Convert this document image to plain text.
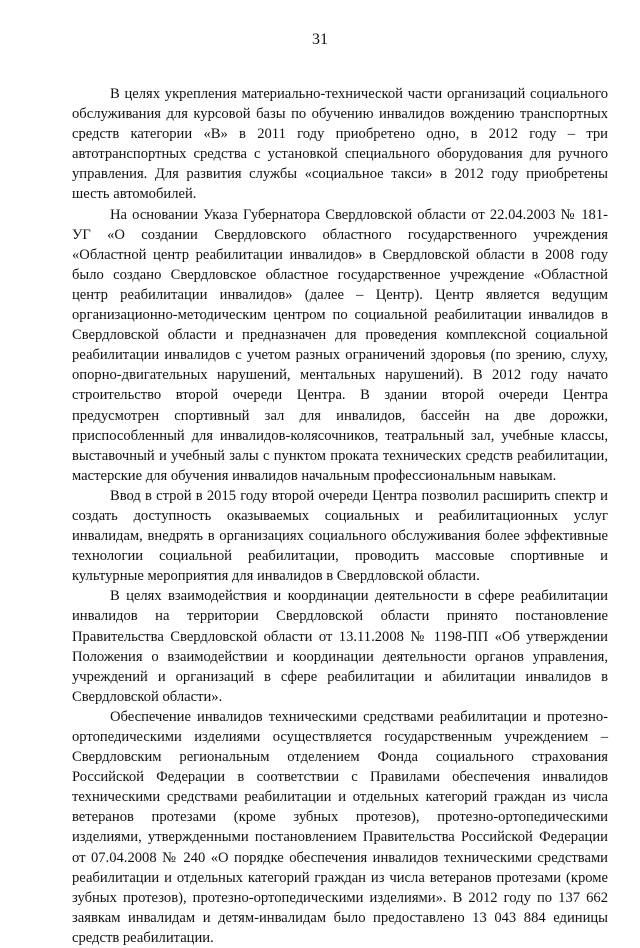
31

В целях укрепления материально-технической части организаций социального обслуживания для курсовой базы по обучению инвалидов вождению транспортных средств категории «В» в 2011 году приобретено одно, в 2012 году – три автотранспортных средства с установкой специального оборудования для ручного управления. Для развития службы «социальное такси» в 2012 году приобретены шесть автомобилей.

На основании Указа Губернатора Свердловской области от 22.04.2003 № 181-УГ «О создании Свердловского областного государственного учреждения «Областной центр реабилитации инвалидов» в Свердловской области в 2008 году было создано Свердловское областное государственное учреждение «Областной центр реабилитации инвалидов» (далее – Центр). Центр является ведущим организационно-методическим центром по социальной реабилитации инвалидов в Свердловской области и предназначен для проведения комплексной социальной реабилитации инвалидов с учетом разных ограничений здоровья (по зрению, слуху, опорно-двигательных нарушений, ментальных нарушений). В 2012 году начато строительство второй очереди Центра. В здании второй очереди Центра предусмотрен спортивный зал для инвалидов, бассейн на две дорожки, приспособленный для инвалидов-колясочников, театральный зал, учебные классы, выставочный и учебный залы с пунктом проката технических средств реабилитации, мастерские для обучения инвалидов начальным профессиональным навыкам.

Ввод в строй в 2015 году второй очереди Центра позволил расширить спектр и создать доступность оказываемых социальных и реабилитационных услуг инвалидам, внедрять в организациях социального обслуживания более эффективные технологии социальной реабилитации, проводить массовые спортивные и культурные мероприятия для инвалидов в Свердловской области.

В целях взаимодействия и координации деятельности в сфере реабилитации инвалидов на территории Свердловской области принято постановление Правительства Свердловской области от 13.11.2008 № 1198-ПП «Об утверждении Положения о взаимодействии и координации деятельности органов управления, учреждений и организаций в сфере реабилитации и абилитации инвалидов в Свердловской области».

Обеспечение инвалидов техническими средствами реабилитации и протезно-ортопедическими изделиями осуществляется государственным учреждением – Свердловским региональным отделением Фонда социального страхования Российской Федерации в соответствии с Правилами обеспечения инвалидов техническими средствами реабилитации и отдельных категорий граждан из числа ветеранов протезами (кроме зубных протезов), протезно-ортопедическими изделиями, утвержденными постановлением Правительства Российской Федерации от 07.04.2008 № 240 «О порядке обеспечения инвалидов техническими средствами реабилитации и отдельных категорий граждан из числа ветеранов протезами (кроме зубных протезов), протезно-ортопедическими изделиями». В 2012 году по 137 662 заявкам инвалидам и детям-инвалидам было предоставлено 13 043 884 единицы средств реабилитации.
